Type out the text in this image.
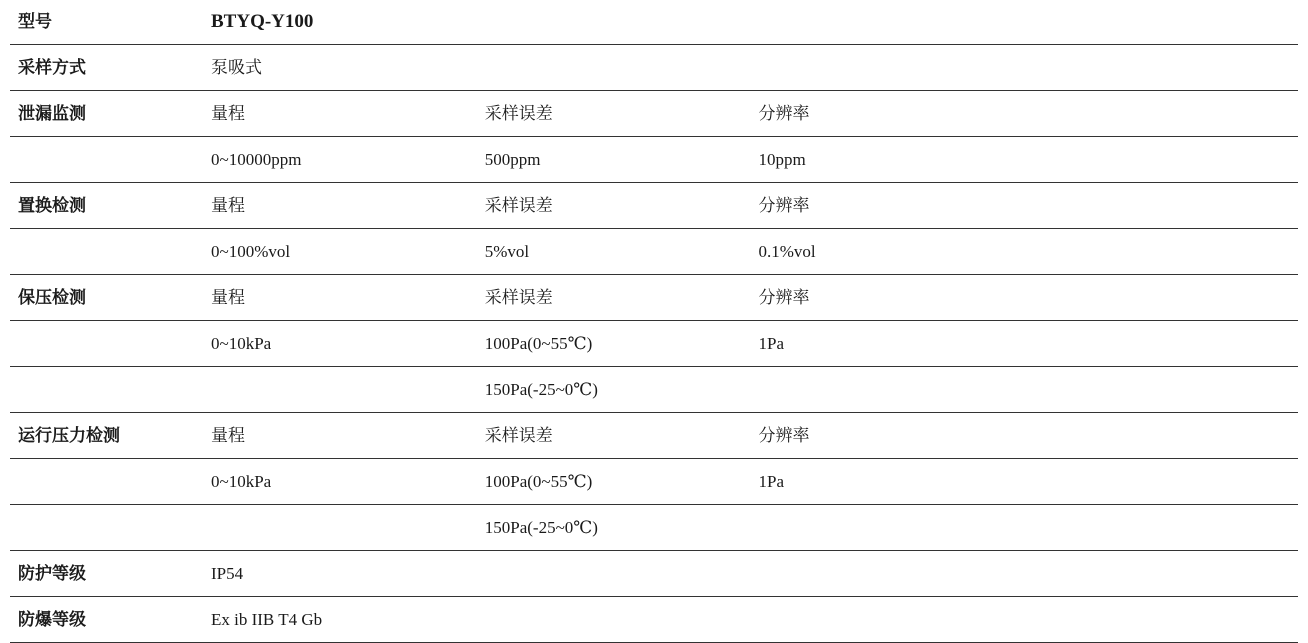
型号	BTYQ-Y100			
采样方式	泵吸式			
泄漏监测	量程	采样误差	分辨率	
	0~10000ppm	500ppm	10ppm	
置换检测	量程	采样误差	分辨率	
	0~100%vol	5%vol	0.1%vol	
保压检测	量程	采样误差	分辨率	
	0~10kPa	100Pa(0~55℃)	1Pa	
		150Pa(-25~0℃)		
运行压力检测	量程	采样误差	分辨率	
	0~10kPa	100Pa(0~55℃)	1Pa	
		150Pa(-25~0℃)		
防护等级	IP54			
防爆等级	Ex ib IIB T4 Gb			
